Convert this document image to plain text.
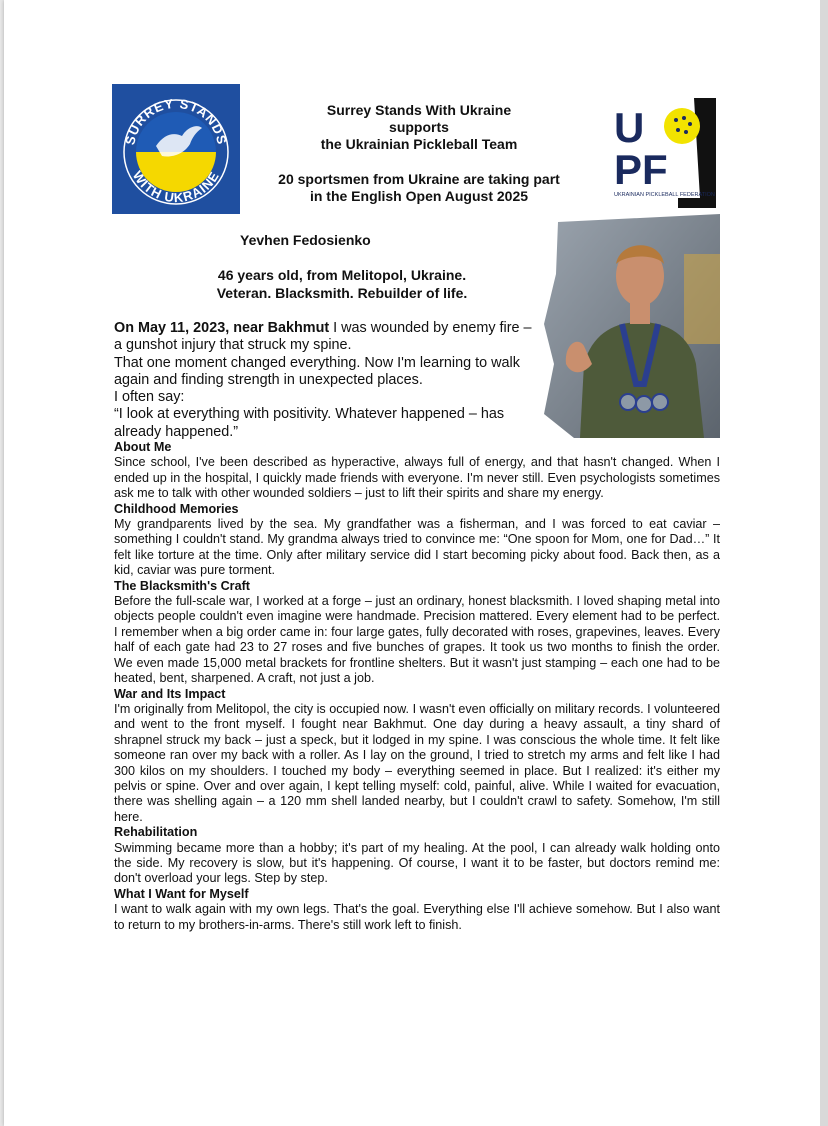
SURREY STANDS
WITH UKRAINE
U
PF
UKRAINIAN PICKLEBALL FEDERATION
Surrey Stands With Ukraine
supports
the Ukrainian Pickleball Team
20 sportsmen from Ukraine are taking part
in the English Open August 2025
Yevhen Fedosienko
46 years old, from Melitopol, Ukraine.
Veteran. Blacksmith. Rebuilder of life.

On May 11, 2023, near Bakhmut I was wounded by enemy fire – a gunshot injury that struck my spine.

That one moment changed everything. Now I'm learning to walk again and finding strength in unexpected places.

I often say:

“I look at everything with positivity. Whatever happened – has already happened.”

About Me

Since school, I've been described as hyperactive, always full of energy, and that hasn't changed. When I ended up in the hospital, I quickly made friends with everyone. I'm never still. Even psychologists sometimes ask me to talk with other wounded soldiers – just to lift their spirits and share my energy.

Childhood Memories

My grandparents lived by the sea. My grandfather was a fisherman, and I was forced to eat caviar – something I couldn't stand. My grandma always tried to convince me: “One spoon for Mom, one for Dad…” It felt like torture at the time. Only after military service did I start becoming picky about food. Back then, as a kid, caviar was pure torment.

The Blacksmith's Craft

Before the full-scale war, I worked at a forge – just an ordinary, honest blacksmith. I loved shaping metal into objects people couldn't even imagine were handmade. Precision mattered. Every element had to be perfect. I remember when a big order came in: four large gates, fully decorated with roses, grapevines, leaves. Every half of each gate had 23 to 27 roses and five bunches of grapes. It took us two months to finish the order. We even made 15,000 metal brackets for frontline shelters. But it wasn't just stamping – each one had to be heated, bent, sharpened. A craft, not just a job.

War and Its Impact

I'm originally from Melitopol, the city is occupied now. I wasn't even officially on military records. I volunteered and went to the front myself. I fought near Bakhmut. One day during a heavy assault, a tiny shard of shrapnel struck my back – just a speck, but it lodged in my spine. I was conscious the whole time. It felt like someone ran over my back with a roller. As I lay on the ground, I tried to stretch my arms and felt like I had 300 kilos on my shoulders. I touched my body – everything seemed in place. But I realized: it's either my pelvis or spine. Over and over again, I kept telling myself: cold, painful, alive. While I waited for evacuation, there was shelling again – a 120 mm shell landed nearby, but I couldn't crawl to safety. Somehow, I'm still here.

Rehabilitation

Swimming became more than a hobby; it's part of my healing. At the pool, I can already walk holding onto the side. My recovery is slow, but it's happening. Of course, I want it to be faster, but doctors remind me: don't overload your legs. Step by step.

What I Want for Myself

I want to walk again with my own legs. That's the goal. Everything else I'll achieve somehow. But I also want to return to my brothers-in-arms. There's still work left to finish.
